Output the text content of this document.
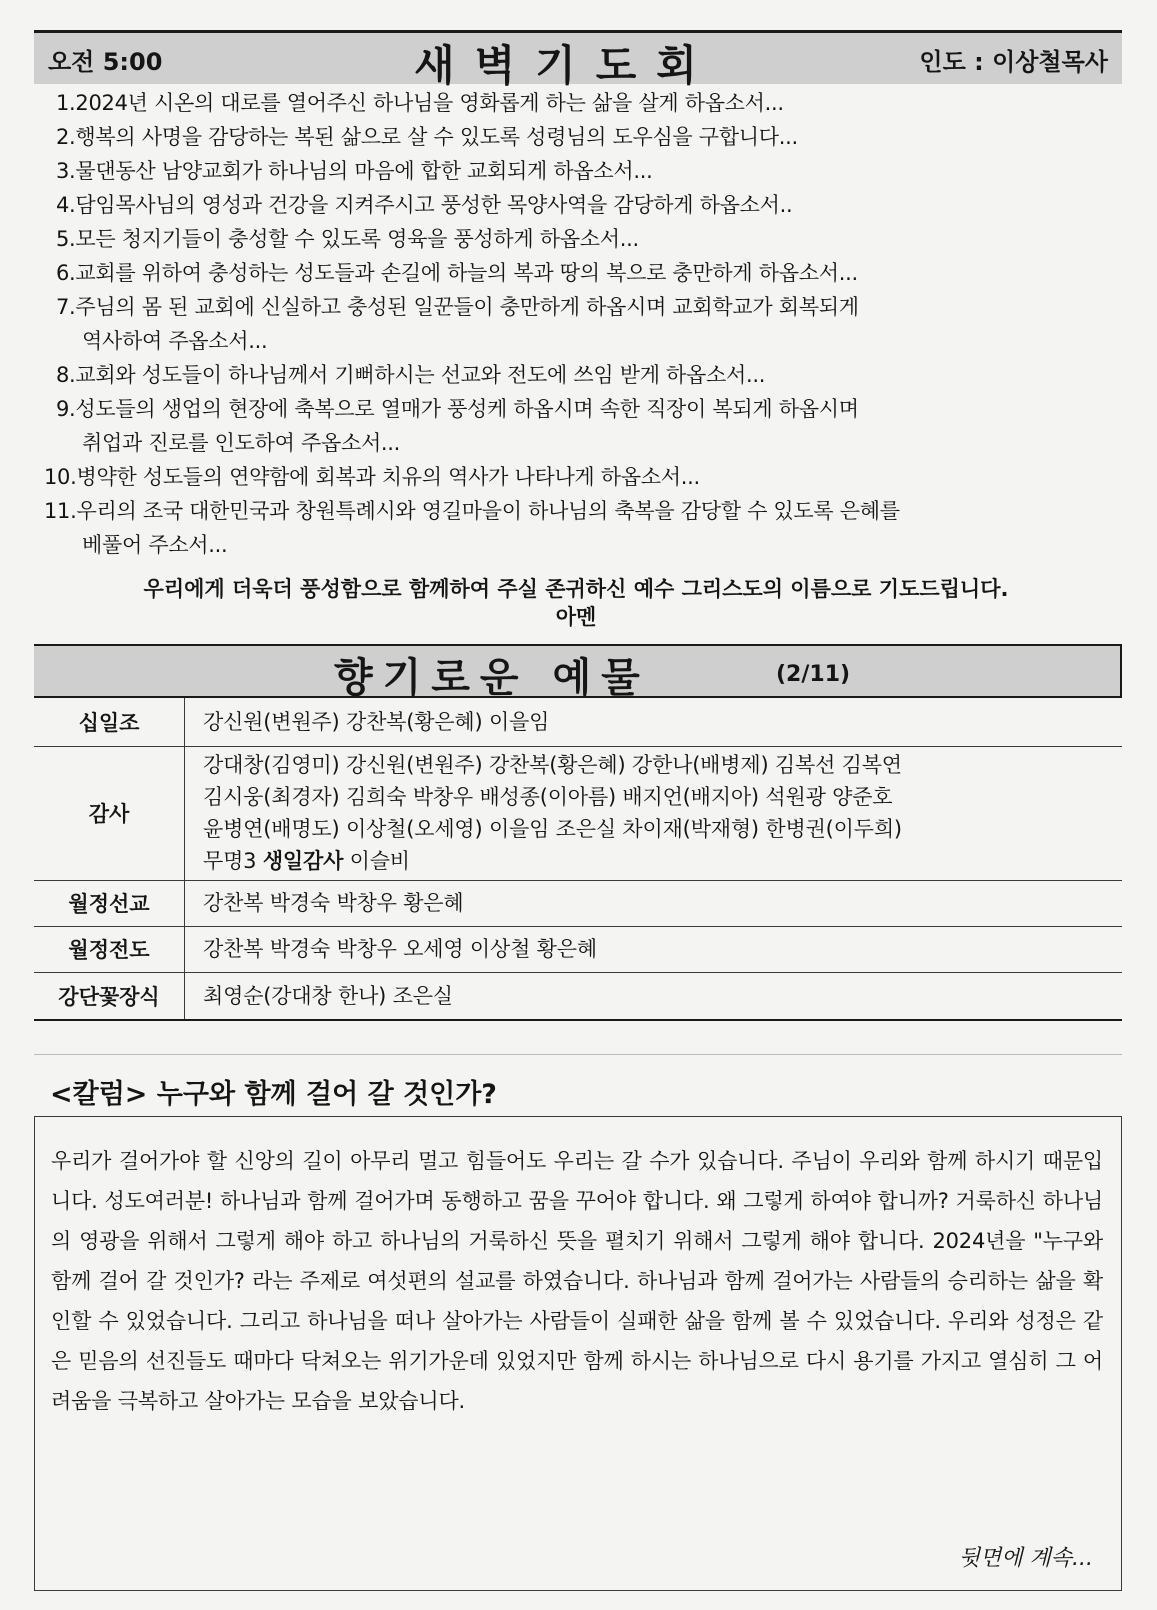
오전 5:00	새벽기도회	인도 : 이상철목사
1.2024년 시온의 대로를 열어주신 하나님을 영화롭게 하는 삶을 살게 하옵소서...
2.행복의 사명을 감당하는 복된 삶으로 살 수 있도록 성령님의 도우심을 구합니다...
3.물댄동산 남양교회가 하나님의 마음에 합한 교회되게 하옵소서...
4.담임목사님의 영성과 건강을 지켜주시고 풍성한 목양사역을 감당하게 하옵소서..
5.모든 청지기들이 충성할 수 있도록 영육을 풍성하게 하옵소서...
6.교회를 위하여 충성하는 성도들과 손길에 하늘의 복과 땅의 복으로 충만하게 하옵소서...
7.주님의 몸 된 교회에 신실하고 충성된 일꾼들이 충만하게 하옵시며 교회학교가 회복되게
역사하여 주옵소서...
8.교회와 성도들이 하나님께서 기뻐하시는 선교와 전도에 쓰임 받게 하옵소서...
9.성도들의 생업의 현장에 축복으로 열매가 풍성케 하옵시며 속한 직장이 복되게 하옵시며
취업과 진로를 인도하여 주옵소서...
10.병약한 성도들의 연약함에 회복과 치유의 역사가 나타나게 하옵소서...
11.우리의 조국 대한민국과 창원특례시와 영길마을이 하나님의 축복을 감당할 수 있도록 은혜를
베풀어 주소서...
우리에게 더욱더 풍성함으로 함께하여 주실 존귀하신 예수 그리스도의 이름으로 기도드립니다.
아멘
향기로운 예물	(2/11)
십일조	강신원(변원주) 강찬복(황은혜) 이을임

감사	강대창(김영미) 강신원(변원주) 강찬복(황은혜) 강한나(배병제) 김복선 김복연
김시웅(최경자) 김희숙 박창우 배성종(이아름) 배지언(배지아) 석원광 양준호
윤병연(배명도) 이상철(오세영) 이을임 조은실 차이재(박재형) 한병권(이두희)
무명3 생일감사 이슬비

월정선교	강찬복 박경숙 박창우 황은혜

월정전도	강찬복 박경숙 박창우 오세영 이상철 황은혜

강단꽃장식	최영순(강대창 한나) 조은실
<칼럼> 누구와 함께 걸어 갈 것인가?
우리가 걸어가야 할 신앙의 길이 아무리 멀고 힘들어도 우리는 갈 수가 있습니다. 주님이 우리와 함께 하시기 때문입니다. 성도여러분! 하나님과 함께 걸어가며 동행하고 꿈을 꾸어야 합니다. 왜 그렇게 하여야 합니까? 거룩하신 하나님의 영광을 위해서 그렇게 해야 하고 하나님의 거룩하신 뜻을 펼치기 위해서 그렇게 해야 합니다. 2024년을 "누구와 함께 걸어 갈 것인가? 라는 주제로 여섯편의 설교를 하였습니다. 하나님과 함께 걸어가는 사람들의 승리하는 삶을 확인할 수 있었습니다. 그리고 하나님을 떠나 살아가는 사람들이 실패한 삶을 함께 볼 수 있었습니다. 우리와 성정은 같은 믿음의 선진들도 때마다 닥쳐오는 위기가운데 있었지만 함께 하시는 하나님으로 다시 용기를 가지고 열심히 그 어려움을 극복하고 살아가는 모습을 보았습니다.
뒷면에 계속...
